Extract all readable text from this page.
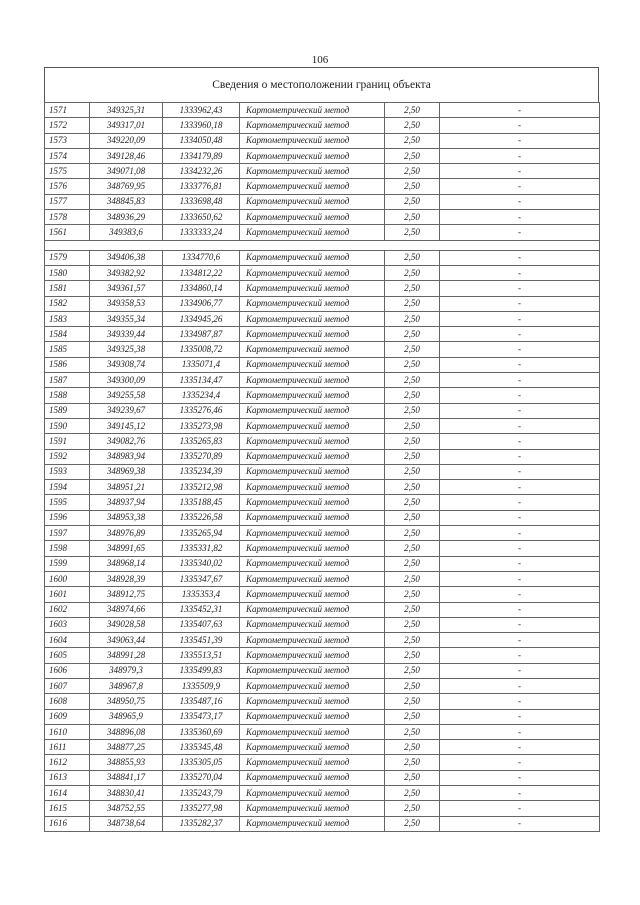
106
Сведения о местоположении границ объекта
1571	349325,31	1333962,43	Картометрический метод	2,50	-
1572	349317,01	1333960,18	Картометрический метод	2,50	-
1573	349220,09	1334050,48	Картометрический метод	2,50	-
1574	349128,46	1334179,89	Картометрический метод	2,50	-
1575	349071,08	1334232,26	Картометрический метод	2,50	-
1576	348769,95	1333776,81	Картометрический метод	2,50	-
1577	348845,83	1333698,48	Картометрический метод	2,50	-
1578	348936,29	1333650,62	Картометрический метод	2,50	-
1561	349383,6	1333333,24	Картометрический метод	2,50	-

1579	349406,38	1334770,6	Картометрический метод	2,50	-
1580	349382,92	1334812,22	Картометрический метод	2,50	-
1581	349361,57	1334860,14	Картометрический метод	2,50	-
1582	349358,53	1334906,77	Картометрический метод	2,50	-
1583	349355,34	1334945,26	Картометрический метод	2,50	-
1584	349339,44	1334987,87	Картометрический метод	2,50	-
1585	349325,38	1335008,72	Картометрический метод	2,50	-
1586	349308,74	1335071,4	Картометрический метод	2,50	-
1587	349300,09	1335134,47	Картометрический метод	2,50	-
1588	349255,58	1335234,4	Картометрический метод	2,50	-
1589	349239,67	1335276,46	Картометрический метод	2,50	-
1590	349145,12	1335273,98	Картометрический метод	2,50	-
1591	349082,76	1335265,83	Картометрический метод	2,50	-
1592	348983,94	1335270,89	Картометрический метод	2,50	-
1593	348969,38	1335234,39	Картометрический метод	2,50	-
1594	348951,21	1335212,98	Картометрический метод	2,50	-
1595	348937,94	1335188,45	Картометрический метод	2,50	-
1596	348953,38	1335226,58	Картометрический метод	2,50	-
1597	348976,89	1335265,94	Картометрический метод	2,50	-
1598	348991,65	1335331,82	Картометрический метод	2,50	-
1599	348968,14	1335340,02	Картометрический метод	2,50	-
1600	348928,39	1335347,67	Картометрический метод	2,50	-
1601	348912,75	1335353,4	Картометрический метод	2,50	-
1602	348974,66	1335452,31	Картометрический метод	2,50	-
1603	349028,58	1335407,63	Картометрический метод	2,50	-
1604	349063,44	1335451,39	Картометрический метод	2,50	-
1605	348991,28	1335513,51	Картометрический метод	2,50	-
1606	348979,3	1335499,83	Картометрический метод	2,50	-
1607	348967,8	1335509,9	Картометрический метод	2,50	-
1608	348950,75	1335487,16	Картометрический метод	2,50	-
1609	348965,9	1335473,17	Картометрический метод	2,50	-
1610	348896,08	1335360,69	Картометрический метод	2,50	-
1611	348877,25	1335345,48	Картометрический метод	2,50	-
1612	348855,93	1335305,05	Картометрический метод	2,50	-
1613	348841,17	1335270,04	Картометрический метод	2,50	-
1614	348830,41	1335243,79	Картометрический метод	2,50	-
1615	348752,55	1335277,98	Картометрический метод	2,50	-
1616	348738,64	1335282,37	Картометрический метод	2,50	-
